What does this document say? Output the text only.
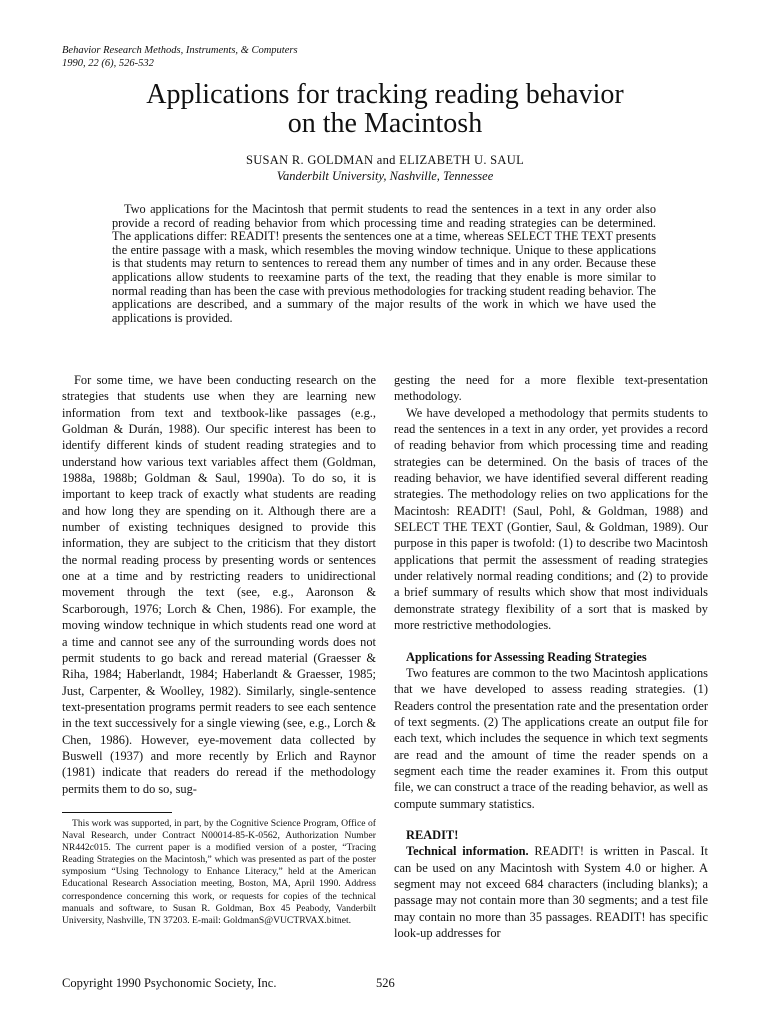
Behavior Research Methods, Instruments, & Computers
1990, 22 (6), 526-532
Applications for tracking reading behavior
on the Macintosh
SUSAN R. GOLDMAN and ELIZABETH U. SAUL
Vanderbilt University, Nashville, Tennessee

Two applications for the Macintosh that permit students to read the sentences in a text in any order also provide a record of reading behavior from which processing time and reading strategies can be determined. The applications differ: READIT! presents the sentences one at a time, whereas SELECT THE TEXT presents the entire passage with a mask, which resembles the moving window technique. Unique to these applications is that students may return to sentences to reread them any number of times and in any order. Because these applications allow students to reexamine parts of the text, the reading that they enable is more similar to normal reading than has been the case with previous methodologies for tracking student reading behavior. The applications are described, and a summary of the major results of the work in which we have used the applications is provided.

For some time, we have been conducting research on the strategies that students use when they are learning new information from text and textbook-like passages (e.g., Goldman & Durán, 1988). Our specific interest has been to identify different kinds of student reading strategies and to understand how various text variables affect them (Goldman, 1988a, 1988b; Goldman & Saul, 1990a). To do so, it is important to keep track of exactly what students are reading and how long they are spending on it. Although there are a number of existing techniques designed to provide this information, they are subject to the criticism that they distort the normal reading process by presenting words or sentences one at a time and by restricting readers to unidirectional movement through the text (see, e.g., Aaronson & Scarborough, 1976; Lorch & Chen, 1986). For example, the moving window technique in which students read one word at a time and cannot see any of the surrounding words does not permit students to go back and reread material (Graesser & Riha, 1984; Haberlandt, 1984; Haberlandt & Graesser, 1985; Just, Carpenter, & Woolley, 1982). Similarly, single-sentence text-presentation programs permit readers to see each sentence in the text successively for a single viewing (see, e.g., Lorch & Chen, 1986). However, eye-movement data collected by Buswell (1937) and more recently by Erlich and Raynor (1981) indicate that readers do reread if the methodology permits them to do so, sug-

This work was supported, in part, by the Cognitive Science Program, Office of Naval Research, under Contract N00014-85-K-0562, Authorization Number NR442c015. The current paper is a modified version of a poster, “Tracing Reading Strategies on the Macintosh,” which was presented as part of the poster symposium “Using Technology to Enhance Literacy,” held at the American Educational Research Association meeting, Boston, MA, April 1990. Address correspondence concerning this work, or requests for copies of the technical manuals and software, to Susan R. Goldman, Box 45 Peabody, Vanderbilt University, Nashville, TN 37203. E-mail: GoldmanS@VUCTRVAX.bitnet.

gesting the need for a more flexible text-presentation methodology.

We have developed a methodology that permits students to read the sentences in a text in any order, yet provides a record of reading behavior from which processing time and reading strategies can be determined. On the basis of traces of the reading behavior, we have identified several different reading strategies. The methodology relies on two applications for the Macintosh: READIT! (Saul, Pohl, & Goldman, 1988) and SELECT THE TEXT (Gontier, Saul, & Goldman, 1989). Our purpose in this paper is twofold: (1) to describe two Macintosh applications that permit the assessment of reading strategies under relatively normal reading conditions; and (2) to provide a brief summary of results which show that most individuals demonstrate strategy flexibility of a sort that is masked by more restrictive methodologies.

Applications for Assessing Reading Strategies

Two features are common to the two Macintosh applications that we have developed to assess reading strategies. (1) Readers control the presentation rate and the presentation order of text segments. (2) The applications create an output file for each text, which includes the sequence in which text segments are read and the amount of time the reader spends on a segment each time the reader examines it. From this output file, we can construct a trace of the reading behavior, as well as compute summary statistics.

READIT!

Technical information. READIT! is written in Pascal. It can be used on any Macintosh with System 4.0 or higher. A segment may not exceed 684 characters (including blanks); a passage may not contain more than 30 segments; and a test file may contain no more than 35 passages. READIT! has specific look-up addresses for

Copyright 1990 Psychonomic Society, Inc.	526
